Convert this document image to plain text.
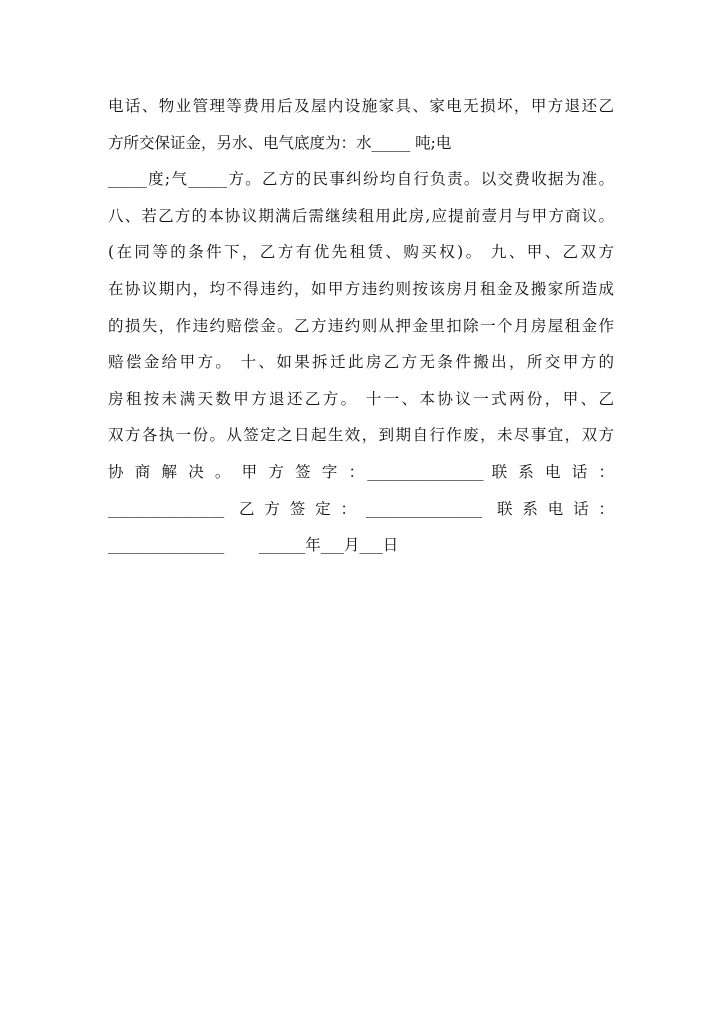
电话、物业管理等费用后及屋内设施家具、家电无损坏，甲方退还乙
方所交保证金，另水、电气底度为：水_____ 吨;电
_____度;气_____方。乙方的民事纠纷均自行负责。以交费收据为准。
八、若乙方的本协议期满后需继续租用此房,应提前壹月与甲方商议。
(在同等的条件下，乙方有优先租赁、购买权)。 九、甲、乙双方
在协议期内，均不得违约，如甲方违约则按该房月租金及搬家所造成
的损失，作违约赔偿金。乙方违约则从押金里扣除一个月房屋租金作
赔偿金给甲方。 十、如果拆迁此房乙方无条件搬出，所交甲方的
房租按未满天数甲方退还乙方。 十一、本协议一式两份，甲、乙
双方各执一份。从签定之日起生效，到期自行作废，未尽事宜，双方
协 商 解 决 。 甲 方 签 字 ：_______________ 联 系 电 话 ：
_______________ 乙方签定：_______________ 联系电话：
_______________       ______年___月___日
